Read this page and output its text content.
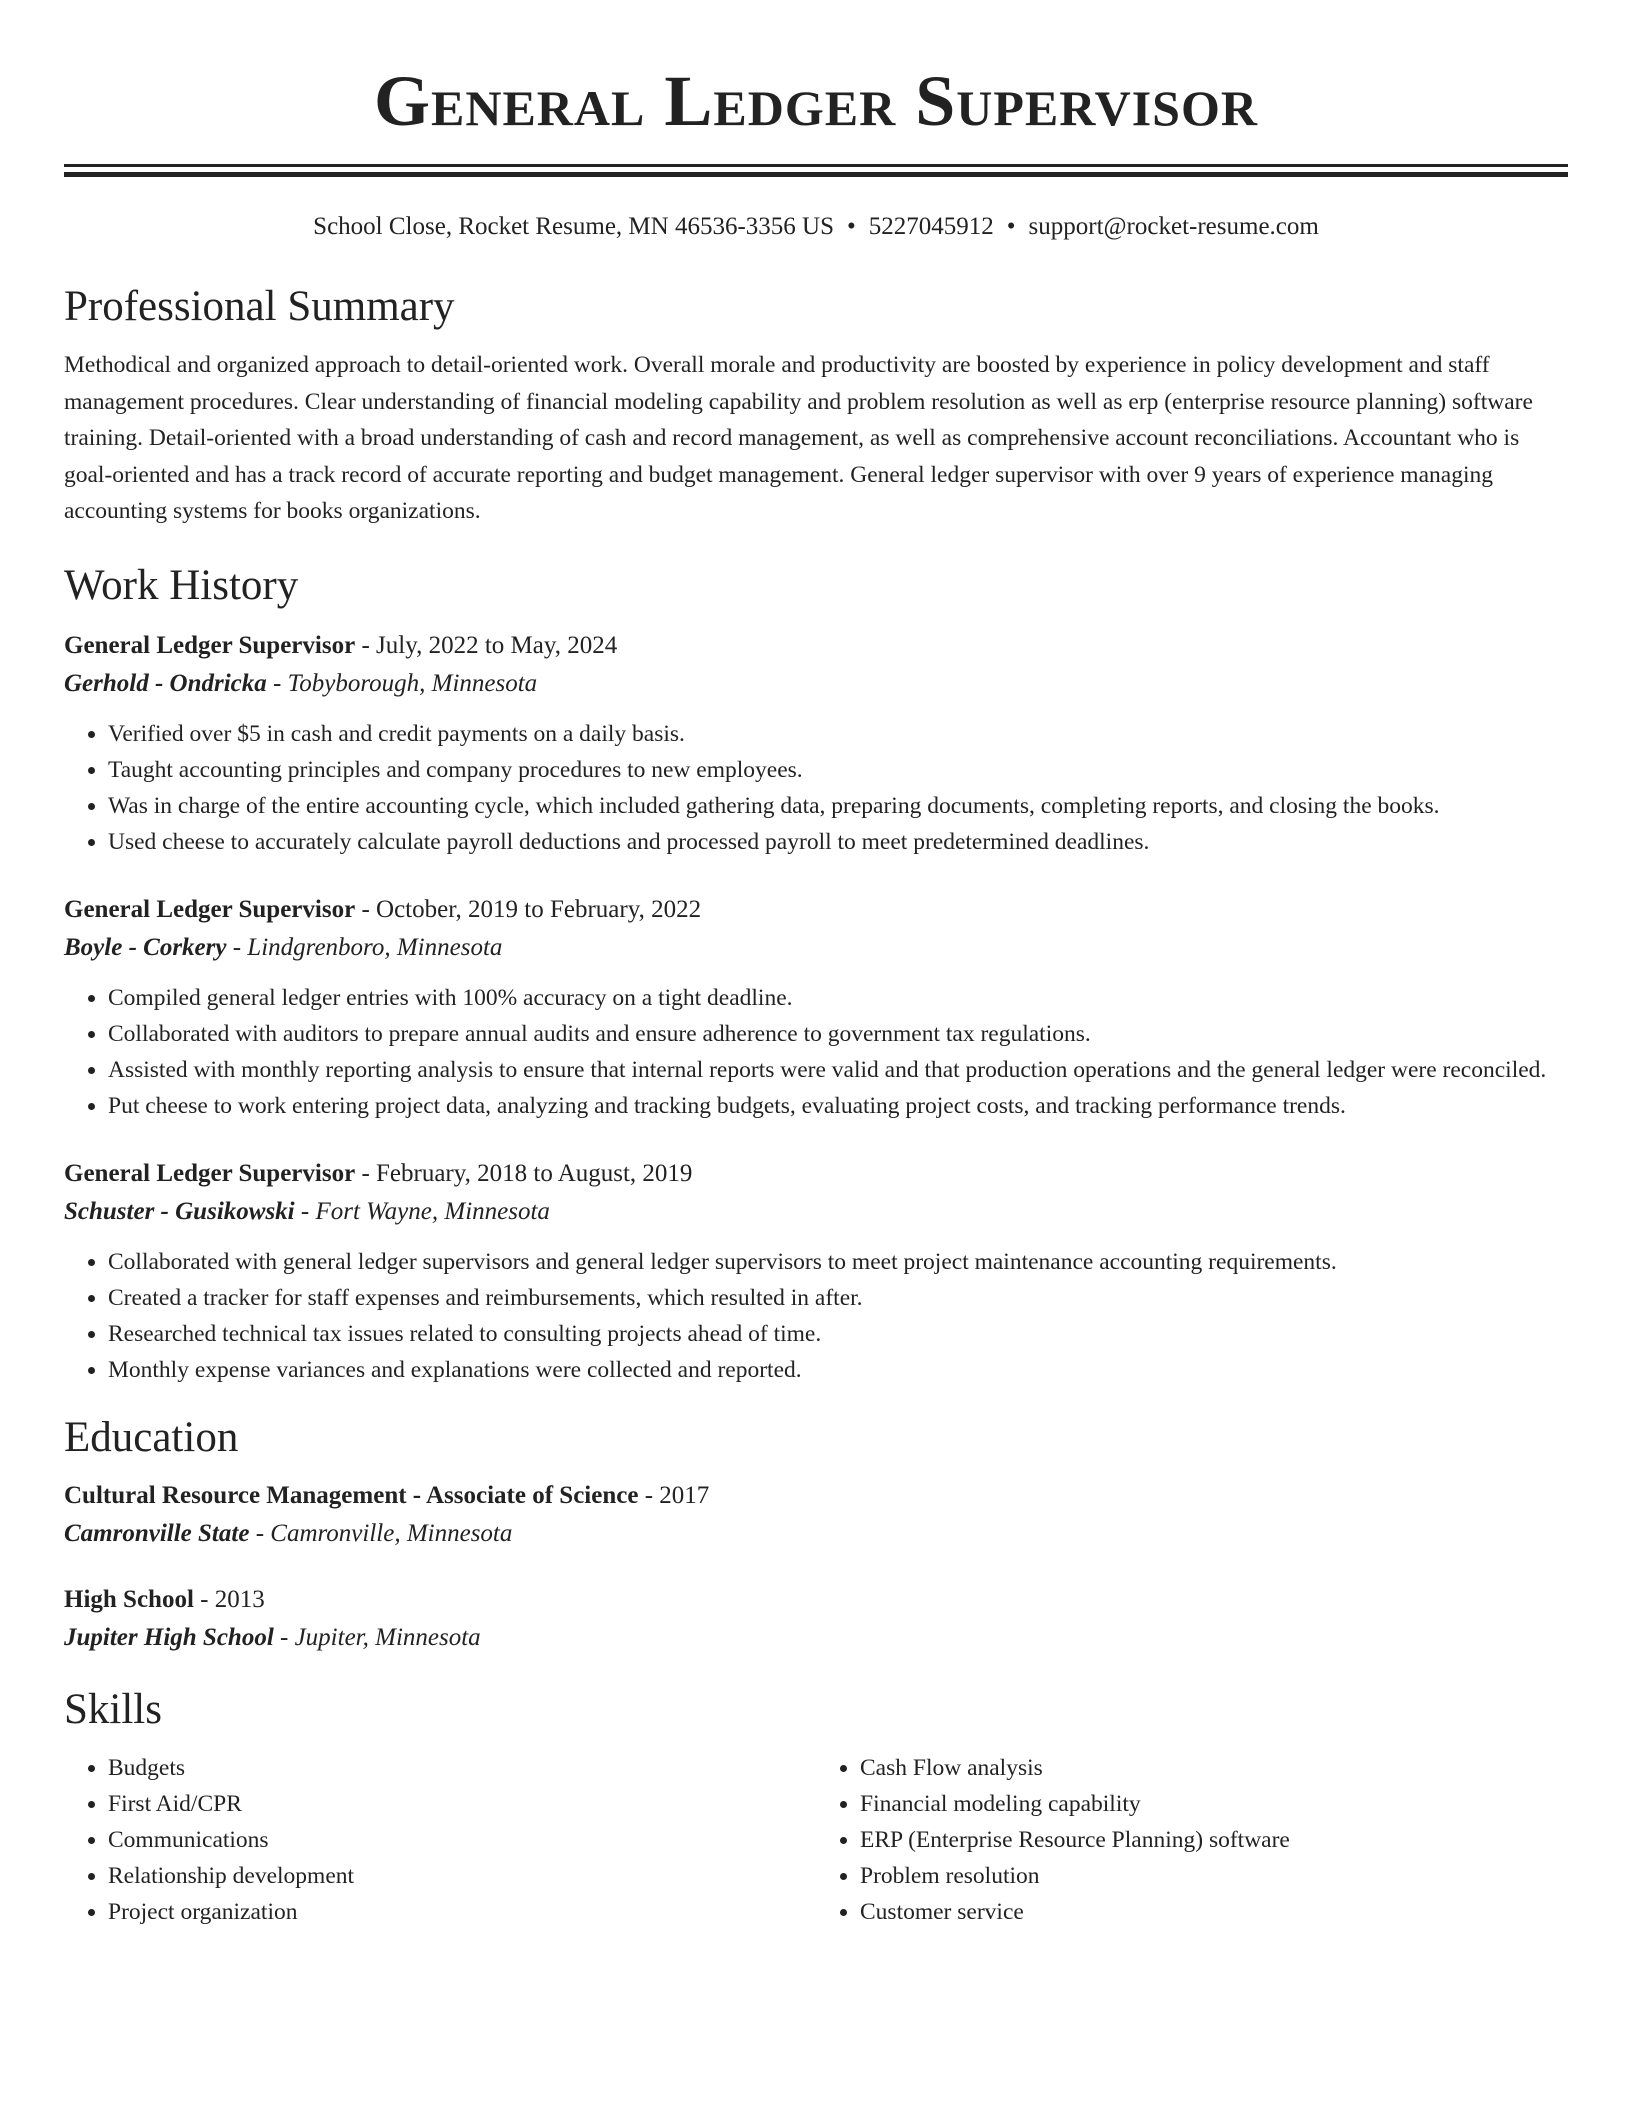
General Ledger Supervisor
School Close, Rocket Resume, MN 46536-3356 US • 5227045912 • support@rocket-resume.com
Professional Summary

Methodical and organized approach to detail-oriented work. Overall morale and productivity are boosted by experience in policy development and staff management procedures. Clear understanding of financial modeling capability and problem resolution as well as erp (enterprise resource planning) software training. Detail-oriented with a broad understanding of cash and record management, as well as comprehensive account reconciliations. Accountant who is goal-oriented and has a track record of accurate reporting and budget management. General ledger supervisor with over 9 years of experience managing accounting systems for books organizations.

Work History
General Ledger Supervisor - July, 2022 to May, 2024
Gerhold - Ondricka - Tobyborough, Minnesota
• Verified over $5 in cash and credit payments on a daily basis.
• Taught accounting principles and company procedures to new employees.
• Was in charge of the entire accounting cycle, which included gathering data, preparing documents, completing reports, and closing the books.
• Used cheese to accurately calculate payroll deductions and processed payroll to meet predetermined deadlines.
General Ledger Supervisor - October, 2019 to February, 2022
Boyle - Corkery - Lindgrenboro, Minnesota
• Compiled general ledger entries with 100% accuracy on a tight deadline.
• Collaborated with auditors to prepare annual audits and ensure adherence to government tax regulations.
• Assisted with monthly reporting analysis to ensure that internal reports were valid and that production operations and the general ledger were reconciled.
• Put cheese to work entering project data, analyzing and tracking budgets, evaluating project costs, and tracking performance trends.
General Ledger Supervisor - February, 2018 to August, 2019
Schuster - Gusikowski - Fort Wayne, Minnesota
• Collaborated with general ledger supervisors and general ledger supervisors to meet project maintenance accounting requirements.
• Created a tracker for staff expenses and reimbursements, which resulted in after.
• Researched technical tax issues related to consulting projects ahead of time.
• Monthly expense variances and explanations were collected and reported.
Education
Cultural Resource Management - Associate of Science - 2017
Camronville State - Camronville, Minnesota
High School - 2013
Jupiter High School - Jupiter, Minnesota
Skills
• Budgets
• First Aid/CPR
• Communications
• Relationship development
• Project organization
• Cash Flow analysis
• Financial modeling capability
• ERP (Enterprise Resource Planning) software
• Problem resolution
• Customer service
